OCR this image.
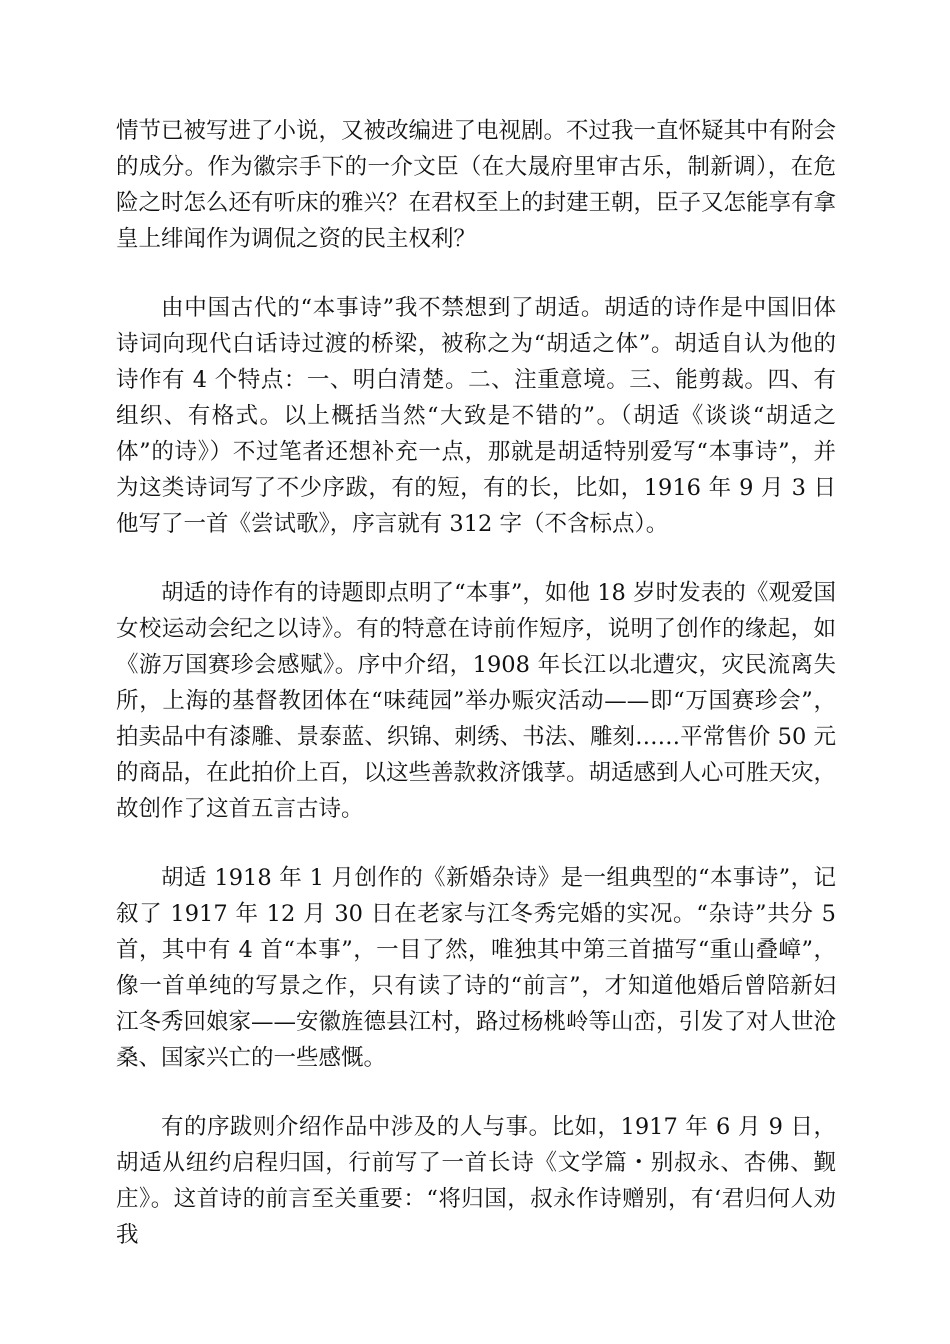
情节已被写进了小说，又被改编进了电视剧。不过我一直怀疑其中有附会的成分。作为徽宗手下的一介文臣（在大晟府里审古乐，制新调），在危险之时怎么还有听床的雅兴？在君权至上的封建王朝，臣子又怎能享有拿皇上绯闻作为调侃之资的民主权利？

由中国古代的“本事诗”我不禁想到了胡适。胡适的诗作是中国旧体诗词向现代白话诗过渡的桥梁，被称之为“胡适之体”。胡适自认为他的诗作有 4 个特点：一、明白清楚。二、注重意境。三、能剪裁。四、有组织、有格式。以上概括当然“大致是不错的”。（胡适《谈谈“胡适之体”的诗》）不过笔者还想补充一点，那就是胡适特别爱写“本事诗”，并为这类诗词写了不少序跋，有的短，有的长，比如，1916 年 9 月 3 日他写了一首《尝试歌》，序言就有 312 字（不含标点）。

胡适的诗作有的诗题即点明了“本事”，如他 18 岁时发表的《观爱国女校运动会纪之以诗》。有的特意在诗前作短序，说明了创作的缘起，如《游万国赛珍会感赋》。序中介绍，1908 年长江以北遭灾，灾民流离失所，上海的基督教团体在“味莼园”举办赈灾活动——即“万国赛珍会”，拍卖品中有漆雕、景泰蓝、织锦、刺绣、书法、雕刻……平常售价 50 元的商品，在此拍价上百，以这些善款救济饿莩。胡适感到人心可胜天灾，故创作了这首五言古诗。

胡适 1918 年 1 月创作的《新婚杂诗》是一组典型的“本事诗”，记叙了 1917 年 12 月 30 日在老家与江冬秀完婚的实况。“杂诗”共分 5 首，其中有 4 首“本事”，一目了然，唯独其中第三首描写“重山叠嶂”，像一首单纯的写景之作，只有读了诗的“前言”，才知道他婚后曾陪新妇江冬秀回娘家——安徽旌德县江村，路过杨桃岭等山峦，引发了对人世沧桑、国家兴亡的一些感慨。

有的序跋则介绍作品中涉及的人与事。比如，1917 年 6 月 9 日，胡适从纽约启程归国，行前写了一首长诗《文学篇・别叔永、杏佛、觐庄》。这首诗的前言至关重要：“将归国，叔永作诗赠别，有‘君归何人劝我
